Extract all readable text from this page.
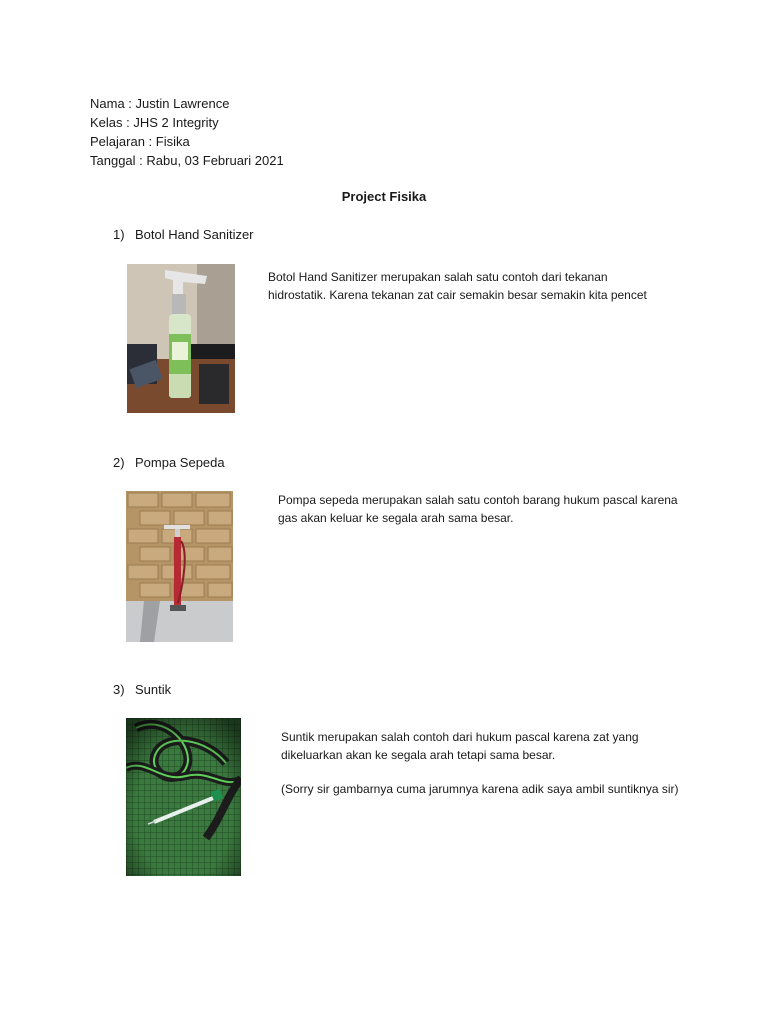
Nama : Justin Lawrence
Kelas : JHS 2 Integrity
Pelajaran : Fisika
Tanggal : Rabu, 03 Februari 2021
Project Fisika
1) Botol Hand Sanitizer

Botol Hand Sanitizer merupakan salah satu contoh dari tekanan hidrostatik. Karena tekanan zat cair semakin besar semakin kita pencet

2) Pompa Sepeda

Pompa sepeda merupakan salah satu contoh barang hukum pascal karena gas akan keluar ke segala arah sama besar.

3) Suntik

Suntik merupakan salah contoh dari hukum pascal karena zat yang dikeluarkan akan ke segala arah tetapi sama besar.

(Sorry sir gambarnya cuma jarumnya karena adik saya ambil suntiknya sir)
